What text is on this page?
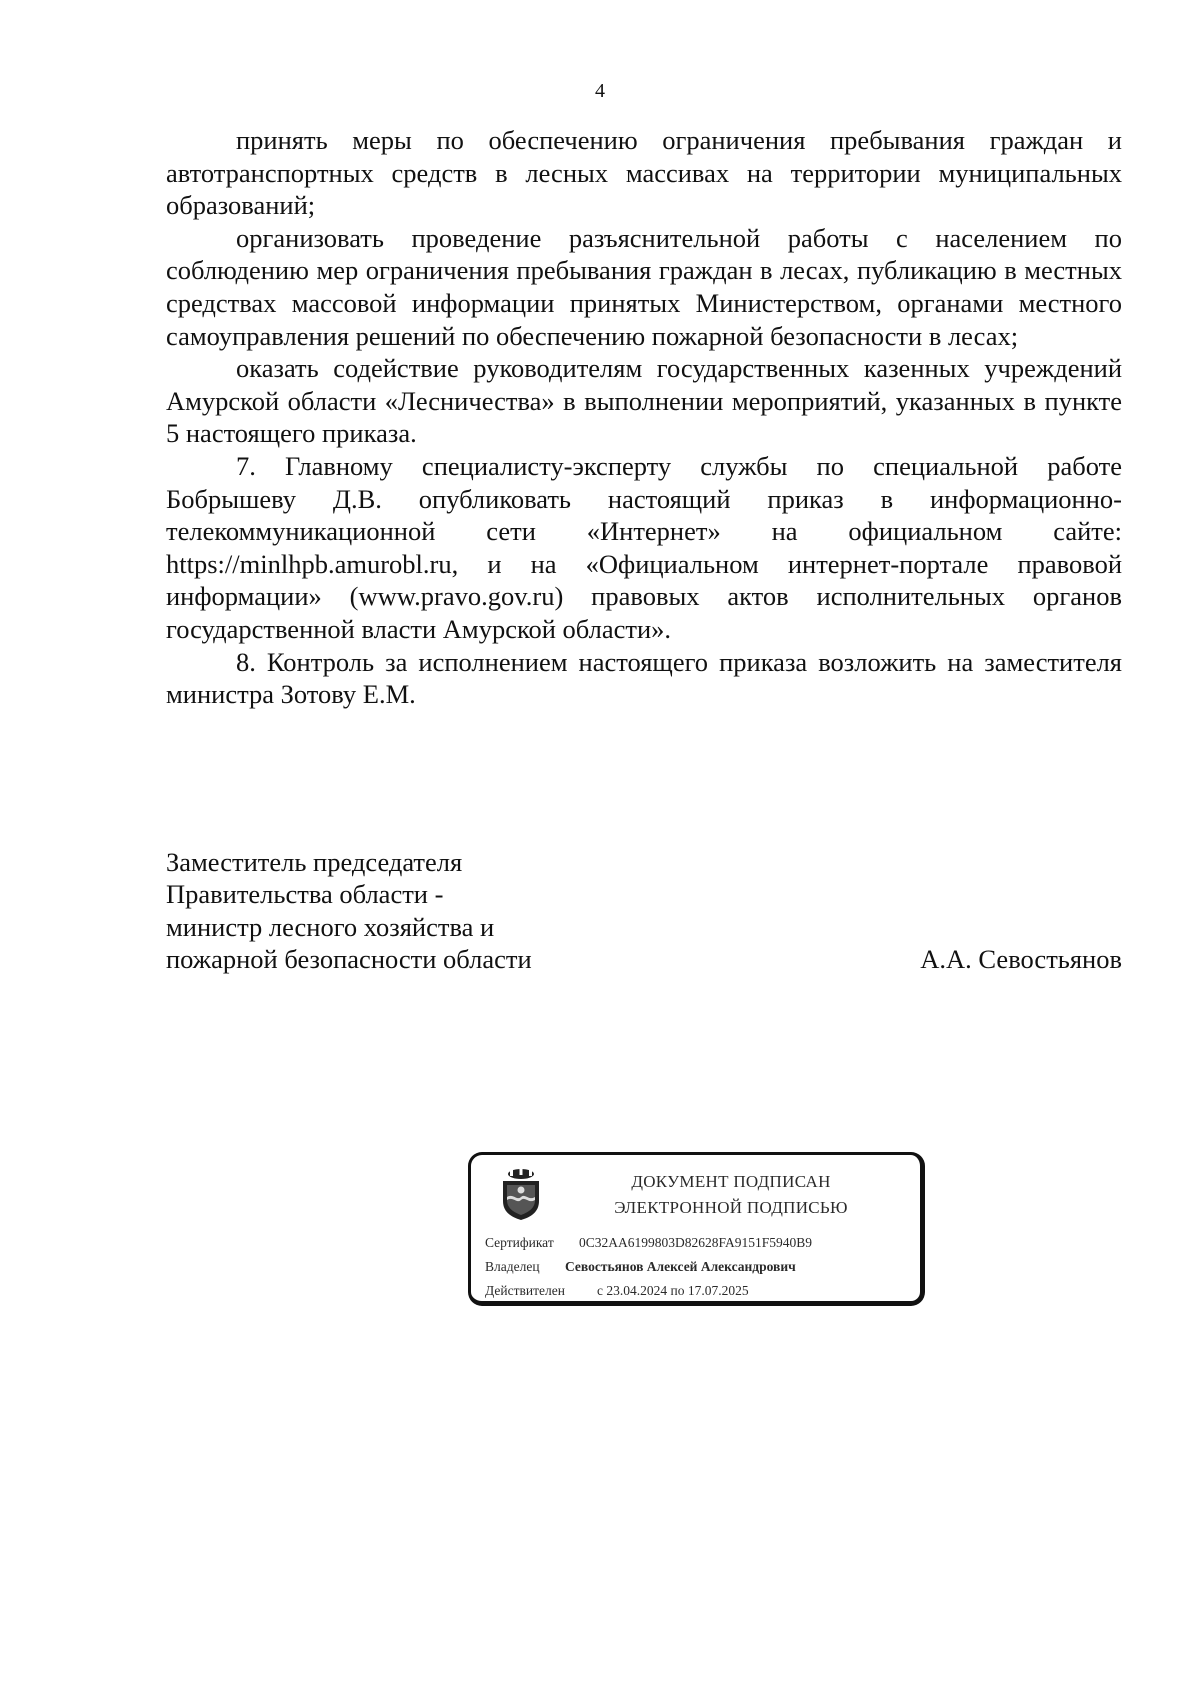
4

принять меры по обеспечению ограничения пребывания граждан и автотранспортных средств в лесных массивах на территории муниципальных образований;

организовать проведение разъяснительной работы с населением по соблюдению мер ограничения пребывания граждан в лесах, публикацию в местных средствах массовой информации принятых Министерством, органами местного самоуправления решений по обеспечению пожарной безопасности в лесах;

оказать содействие руководителям государственных казенных учреждений Амурской области «Лесничества» в выполнении мероприятий, указанных в пункте 5 настоящего приказа.

7. Главному специалисту-эксперту службы по специальной работе Бобрышеву Д.В. опубликовать настоящий приказ в информационно-телекоммуникационной сети «Интернет» на официальном сайте: https://minlhpb.amurobl.ru, и на «Официальном интернет-портале правовой информации» (www.pravo.gov.ru) правовых актов исполнительных органов государственной власти Амурской области».

8. Контроль за исполнением настоящего приказа возложить на заместителя министра Зотову Е.М.

Заместитель председателя
Правительства области -
министр лесного хозяйства и
пожарной безопасности области	А.А. Севостьянов
ДОКУМЕНТ ПОДПИСАН
ЭЛЕКТРОННОЙ ПОДПИСЬЮ
Сертификат 0C32AA6199803D82628FA9151F5940B9
Владелец Севостьянов Алексей Александрович
Действителен с 23.04.2024 по 17.07.2025
